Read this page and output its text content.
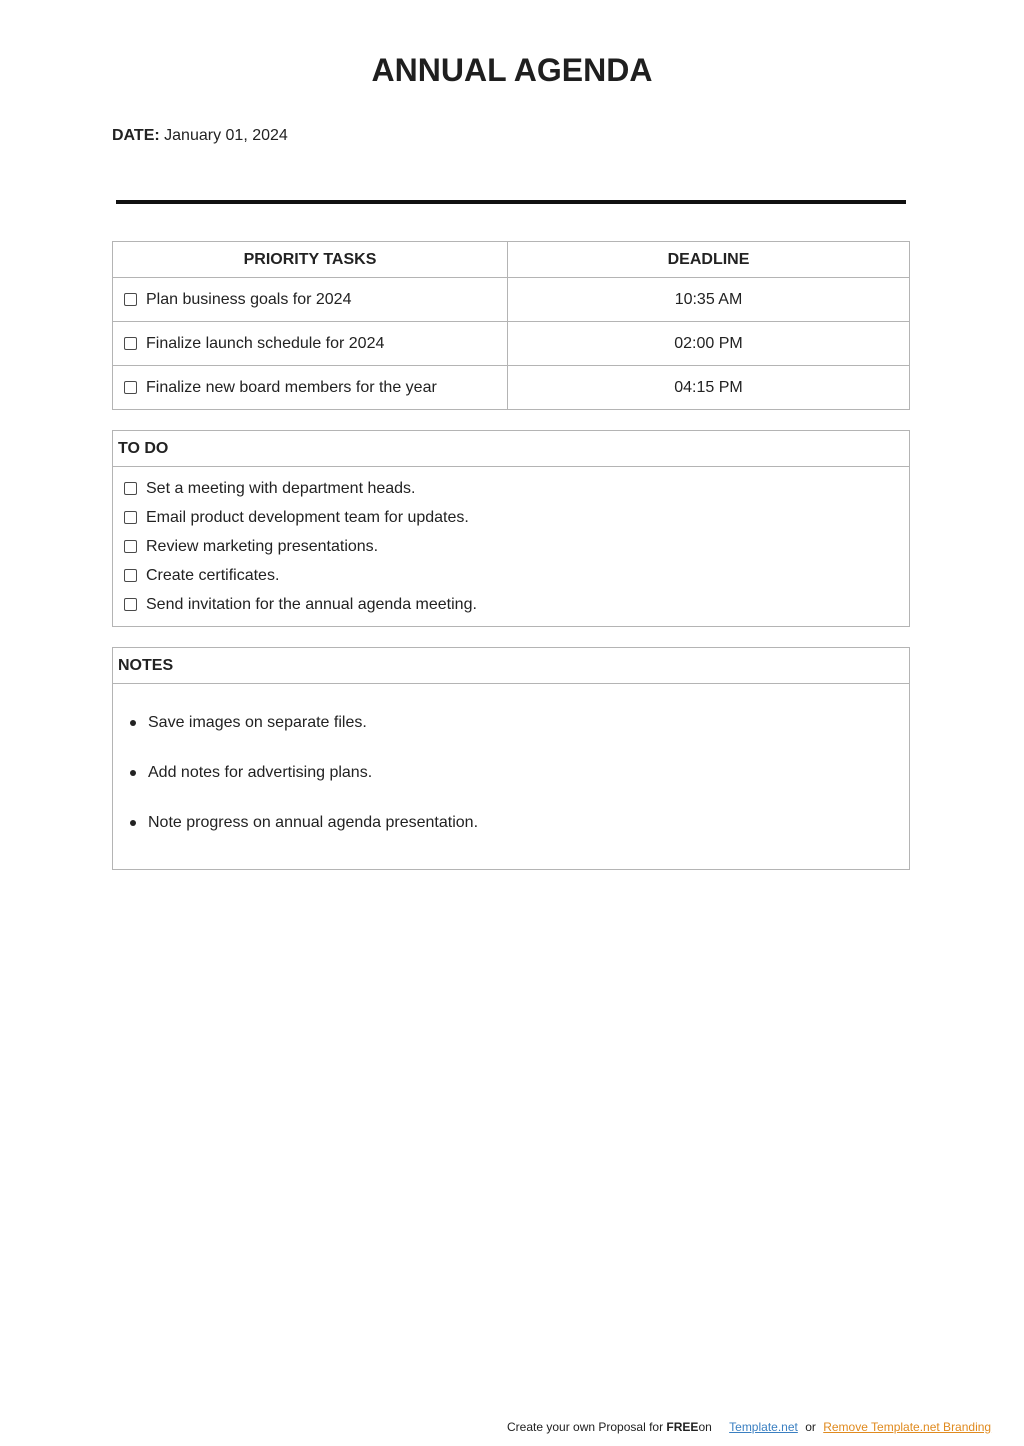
ANNUAL AGENDA
DATE: January 01, 2024
PRIORITY TASKS	DEADLINE
Plan business goals for 2024	10:35 AM
Finalize launch schedule for 2024	02:00 PM
Finalize new board members for the year	04:15 PM
TO DO
Set a meeting with department heads.
Email product development team for updates.
Review marketing presentations.
Create certificates.
Send invitation for the annual agenda meeting.
NOTES
Save images on separate files.
Add notes for advertising plans.
Note progress on annual agenda presentation.
Create your own Proposal for FREEon Template.net or Remove Template.net Branding
